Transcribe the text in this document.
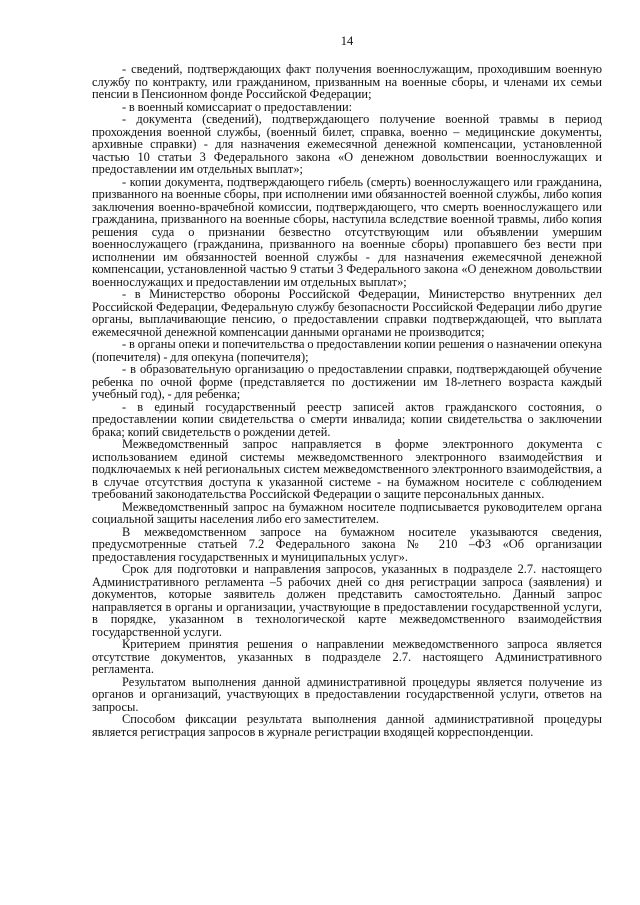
14

- сведений, подтверждающих факт получения военнослужащим, проходившим военную службу по контракту, или гражданином, призванным на военные сборы, и членами их семьи пенсии в Пенсионном фонде Российской Федерации;

- в военный комиссариат о предоставлении:

- документа (сведений), подтверждающего получение военной травмы в период прохождения военной службы, (военный билет, справка, военно – медицинские документы, архивные справки) - для назначения ежемесячной денежной компенсации, установленной частью 10 статьи 3 Федерального закона «О денежном довольствии военнослужащих и предоставлении им отдельных выплат»;

- копии документа, подтверждающего гибель (смерть) военнослужащего или гражданина, призванного на военные сборы, при исполнении ими обязанностей военной службы, либо копия заключения военно-врачебной комиссии, подтверждающего, что смерть военнослужащего или гражданина, призванного на военные сборы, наступила вследствие военной травмы, либо копия решения суда о признании безвестно отсутствующим или объявлении умершим военнослужащего (гражданина, призванного на военные сборы) пропавшего без вести при исполнении им обязанностей военной службы - для назначения ежемесячной денежной компенсации, установленной частью 9 статьи 3 Федерального закона «О денежном довольствии военнослужащих и предоставлении им отдельных выплат»;

- в Министерство обороны Российской Федерации, Министерство внутренних дел Российской Федерации, Федеральную службу безопасности Российской Федерации либо другие органы, выплачивающие пенсию, о предоставлении справки подтверждающей, что выплата ежемесячной денежной компенсации данными органами не производится;

- в органы опеки и попечительства о предоставлении копии решения о назначении опекуна (попечителя) - для опекуна (попечителя);

- в образовательную организацию о предоставлении справки, подтверждающей обучение ребенка по очной форме (представляется по достижении им 18-летнего возраста каждый учебный год), - для ребенка;

- в единый государственный реестр записей актов гражданского состояния, о предоставлении копии свидетельства о смерти инвалида; копии свидетельства о заключении брака; копий свидетельств о рождении детей.

Межведомственный запрос направляется в форме электронного документа с использованием единой системы межведомственного электронного взаимодействия и подключаемых к ней региональных систем межведомственного электронного взаимодействия, а в случае отсутствия доступа к указанной системе - на бумажном носителе с соблюдением требований законодательства Российской Федерации о защите персональных данных.

Межведомственный запрос на бумажном носителе подписывается руководителем органа социальной защиты населения либо его заместителем.

В межведомственном запросе на бумажном носителе указываются сведения, предусмотренные статьей 7.2 Федерального закона № 210 –ФЗ «Об организации предоставления государственных и муниципальных услуг».

Срок для подготовки и направления запросов, указанных в подразделе 2.7. настоящего Административного регламента –5 рабочих дней со дня регистрации запроса (заявления) и документов, которые заявитель должен представить самостоятельно. Данный запрос направляется в органы и организации, участвующие в предоставлении государственной услуги, в порядке, указанном в технологической карте межведомственного взаимодействия государственной услуги.

Критерием принятия решения о направлении межведомственного запроса является отсутствие документов, указанных в подразделе 2.7. настоящего Административного регламента.

Результатом выполнения данной административной процедуры является получение из органов и организаций, участвующих в предоставлении государственной услуги, ответов на запросы.

Способом фиксации результата выполнения данной административной процедуры является регистрация запросов в журнале регистрации входящей корреспонденции.
